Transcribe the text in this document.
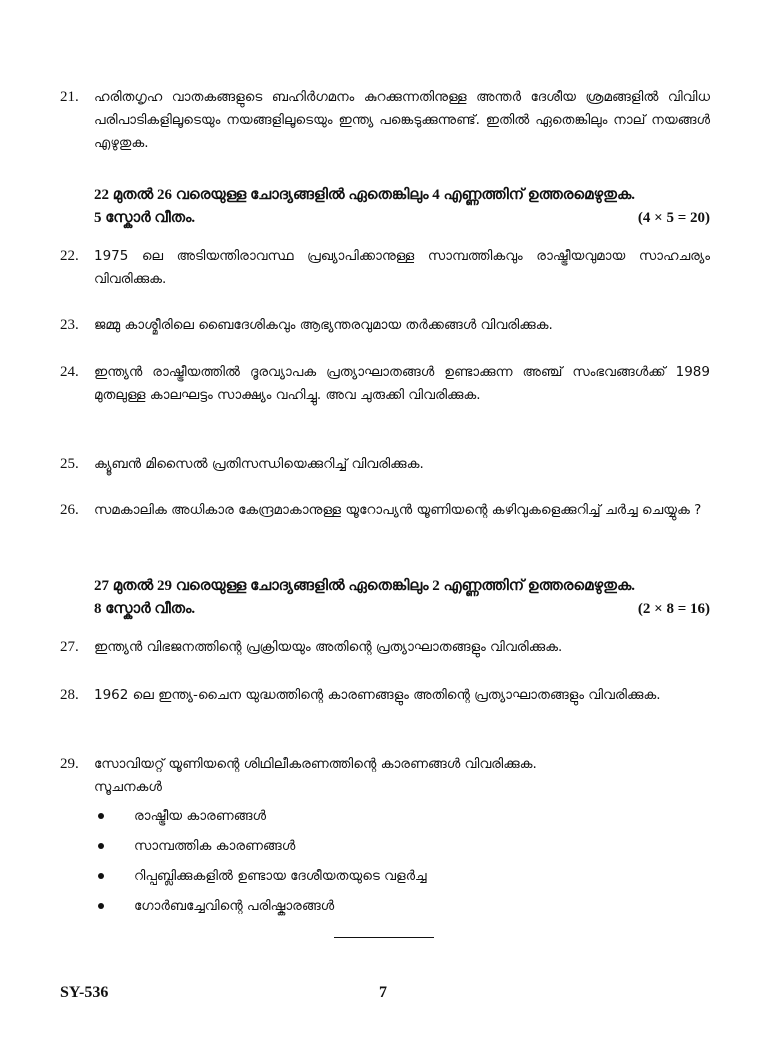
21. ഹരിതഗൃഹ വാതകങ്ങളുടെ ബഹിർഗമനം കുറക്കുന്നതിനുള്ള അന്തർ ദേശീയ ശ്രമങ്ങളിൽ വിവിധ പരിപാടികളിലൂടെയും നയങ്ങളിലൂടെയും ഇന്ത്യ പങ്കെടുക്കുന്നുണ്ട്. ഇതിൽ ഏതെങ്കിലും നാല് നയങ്ങൾ എഴുതുക.
22 മുതൽ 26 വരെയുള്ള ചോദ്യങ്ങളിൽ ഏതെങ്കിലും 4 എണ്ണത്തിന് ഉത്തരമെഴുതുക.
5 സ്കോർ വീതം.	(4 × 5 = 20)
22. 1975 ലെ അടിയന്തിരാവസ്ഥ പ്രഖ്യാപിക്കാനുള്ള സാമ്പത്തികവും രാഷ്ട്രീയവുമായ സാഹചര്യം വിവരിക്കുക.
23. ജമ്മു കാശ്മീരിലെ ബൈദേശികവും ആഭ്യന്തരവുമായ തർക്കങ്ങൾ വിവരിക്കുക.
24. ഇന്ത്യൻ രാഷ്ട്രീയത്തിൽ ദൂരവ്യാപക പ്രത്യാഘാതങ്ങൾ ഉണ്ടാക്കുന്ന അഞ്ച് സംഭവങ്ങൾക്ക് 1989 മുതലുള്ള കാലഘട്ടം സാക്ഷ്യം വഹിച്ചു. അവ ചുരുക്കി വിവരിക്കുക.
25. ക്യൂബൻ മിസൈൽ പ്രതിസന്ധിയെക്കുറിച്ച് വിവരിക്കുക.
26. സമകാലിക അധികാര കേന്ദ്രമാകാനുള്ള യൂറോപ്യൻ യൂണിയന്റെ കഴിവുകളെക്കുറിച്ച് ചർച്ച ചെയ്യുക ?
27 മുതൽ 29 വരെയുള്ള ചോദ്യങ്ങളിൽ ഏതെങ്കിലും 2 എണ്ണത്തിന് ഉത്തരമെഴുതുക.
8 സ്കോർ വീതം.	(2 × 8 = 16)
27. ഇന്ത്യൻ വിഭജനത്തിന്റെ പ്രക്രിയയും അതിന്റെ പ്രത്യാഘാതങ്ങളും വിവരിക്കുക.
28. 1962 ലെ ഇന്ത്യ-ചൈന യുദ്ധത്തിന്റെ കാരണങ്ങളും അതിന്റെ പ്രത്യാഘാതങ്ങളും വിവരിക്കുക.
29. സോവിയറ്റ് യൂണിയന്റെ ശിഥിലീകരണത്തിന്റെ കാരണങ്ങൾ വിവരിക്കുക.
സൂചനകൾ
രാഷ്ട്രീയ കാരണങ്ങൾ
സാമ്പത്തിക കാരണങ്ങൾ
റിപ്പബ്ലിക്കുകളിൽ ഉണ്ടായ ദേശീയതയുടെ വളർച്ച
ഗോർബച്ചേവിന്റെ പരിഷ്കാരങ്ങൾ
SY-536	7
